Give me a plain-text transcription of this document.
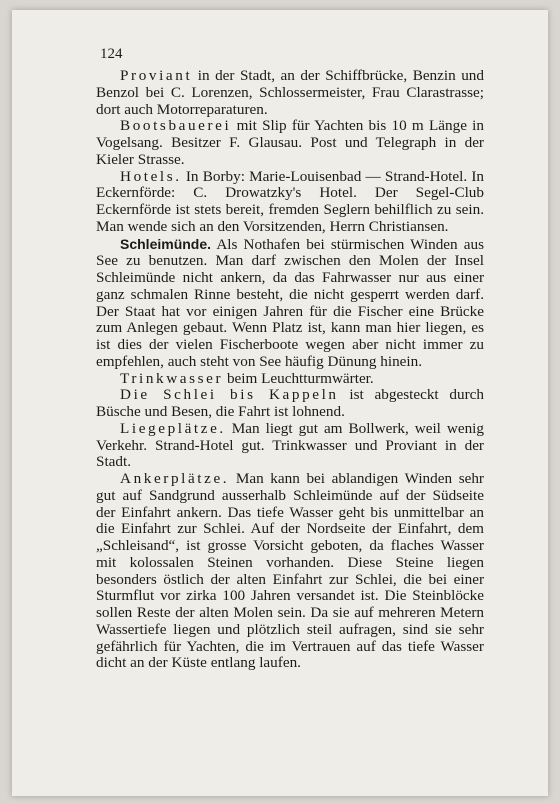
124

Proviant in der Stadt, an der Schiffbrücke, Benzin und Benzol bei C. Lorenzen, Schlossermeister, Frau Clarastrasse; dort auch Motorreparaturen.

Bootsbauerei mit Slip für Yachten bis 10 m Länge in Vogelsang. Besitzer F. Glausau. Post und Telegraph in der Kieler Strasse.

Hotels. In Borby: Marie-Louisenbad — Strand-Hotel. In Eckernförde: C. Drowatzky's Hotel. Der Segel-Club Eckernförde ist stets bereit, fremden Seglern behilflich zu sein. Man wende sich an den Vorsitzenden, Herrn Christiansen.

Schleimünde. Als Nothafen bei stürmischen Winden aus See zu benutzen. Man darf zwischen den Molen der Insel Schleimünde nicht ankern, da das Fahrwasser nur aus einer ganz schmalen Rinne besteht, die nicht gesperrt werden darf. Der Staat hat vor einigen Jahren für die Fischer eine Brücke zum Anlegen gebaut. Wenn Platz ist, kann man hier liegen, es ist dies der vielen Fischerboote wegen aber nicht immer zu empfehlen, auch steht von See häufig Dünung hinein.

Trinkwasser beim Leuchtturmwärter.

Die Schlei bis Kappeln ist abgesteckt durch Büsche und Besen, die Fahrt ist lohnend.

Liegeplätze. Man liegt gut am Bollwerk, weil wenig Verkehr. Strand-Hotel gut. Trinkwasser und Proviant in der Stadt.

Ankerplätze. Man kann bei ablandigen Winden sehr gut auf Sandgrund ausserhalb Schleimünde auf der Südseite der Einfahrt ankern. Das tiefe Wasser geht bis unmittelbar an die Einfahrt zur Schlei. Auf der Nordseite der Einfahrt, dem „Schleisand“, ist grosse Vorsicht geboten, da flaches Wasser mit kolossalen Steinen vorhanden. Diese Steine liegen besonders östlich der alten Einfahrt zur Schlei, die bei einer Sturmflut vor zirka 100 Jahren versandet ist. Die Steinblöcke sollen Reste der alten Molen sein. Da sie auf mehreren Metern Wassertiefe liegen und plötzlich steil aufragen, sind sie sehr gefährlich für Yachten, die im Vertrauen auf das tiefe Wasser dicht an der Küste entlang laufen.
